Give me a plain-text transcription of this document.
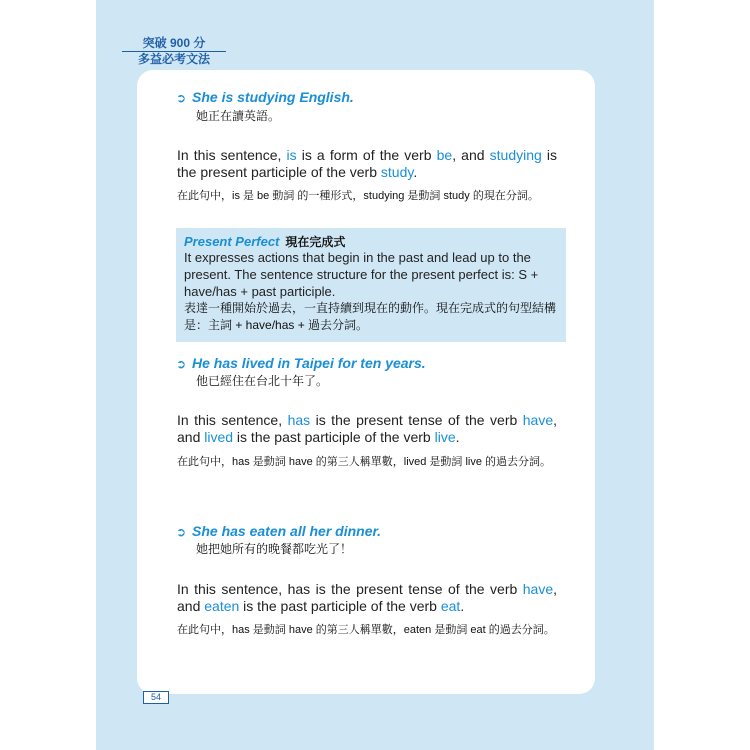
突破 900 分
多益必考文法
➲ She is studying English.
她正在讀英語。
In this sentence, is is a form of the verb be, and studying is the present participle of the verb study.
在此句中，is 是 be 動詞 的一種形式，studying 是動詞 study 的現在分詞。
Present Perfect 現在完成式
It expresses actions that begin in the past and lead up to the present. The sentence structure for the present perfect is: S + have/has + past participle.
表達一種開始於過去，一直持續到現在的動作。現在完成式的句型結構是：主詞 + have/has + 過去分詞。
➲ He has lived in Taipei for ten years.
他已經住在台北十年了。
In this sentence, has is the present tense of the verb have, and lived is the past participle of the verb live.
在此句中，has 是動詞 have 的第三人稱單數，lived 是動詞 live 的過去分詞。
➲ She has eaten all her dinner.
她把她所有的晚餐都吃光了！
In this sentence, has is the present tense of the verb have, and eaten is the past participle of the verb eat.
在此句中，has 是動詞 have 的第三人稱單數，eaten 是動詞 eat 的過去分詞。
54
